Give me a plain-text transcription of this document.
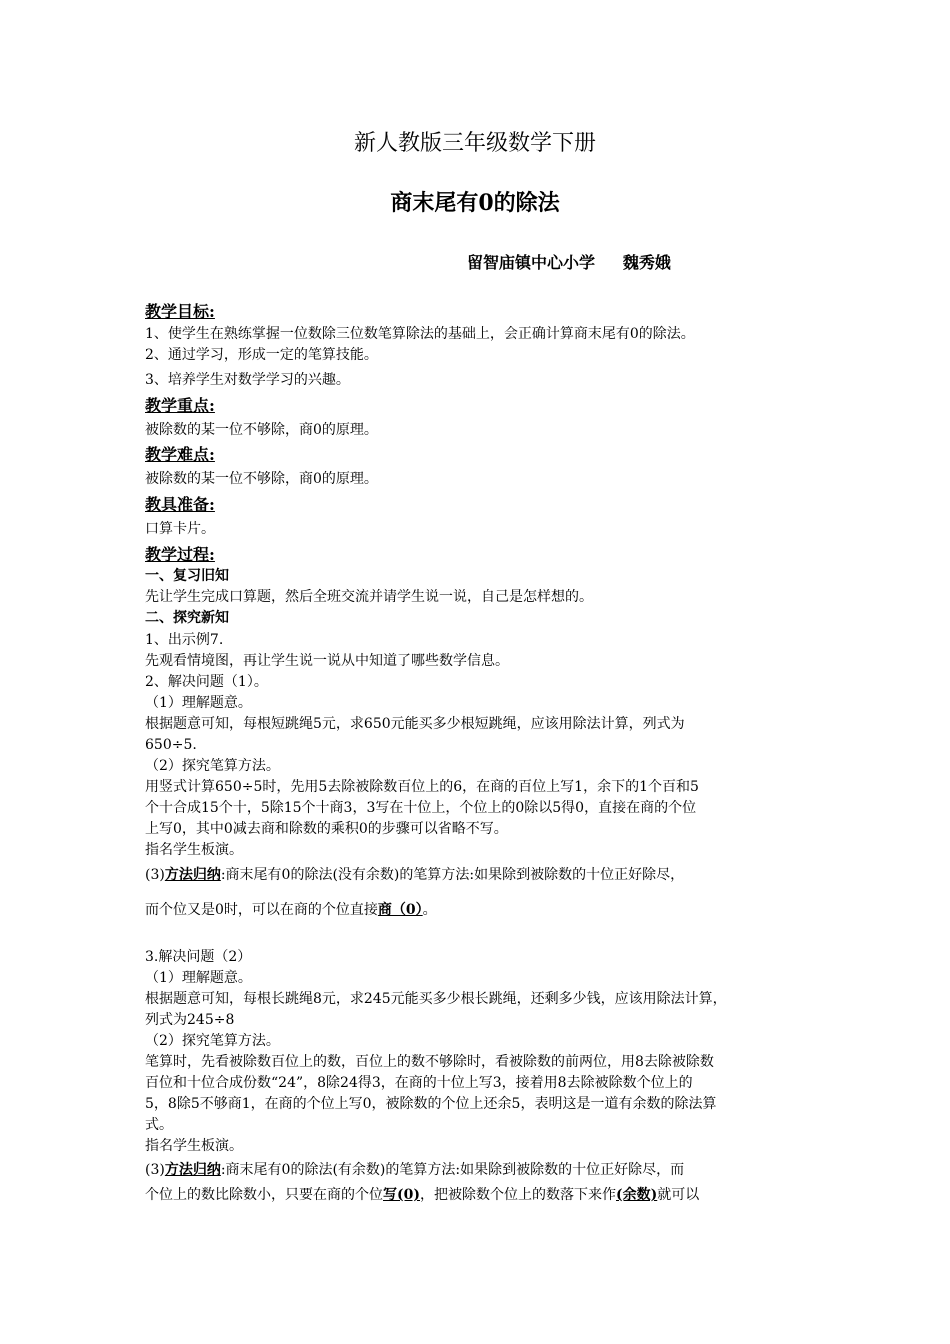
新人教版三年级数学下册
商末尾有0的除法
留智庙镇中心小学 魏秀娥
教学目标:
1、使学生在熟练掌握一位数除三位数笔算除法的基础上，会正确计算商末尾有0的除法。
2、通过学习，形成一定的笔算技能。
3、培养学生对数学学习的兴趣。
教学重点:
被除数的某一位不够除，商0的原理。
教学难点:
被除数的某一位不够除，商0的原理。
教具准备:
口算卡片。
教学过程:
一、复习旧知
先让学生完成口算题，然后全班交流并请学生说一说，自己是怎样想的。
二、探究新知
1、出示例7.
先观看情境图，再让学生说一说从中知道了哪些数学信息。
2、解决问题（1）。
（1）理解题意。
根据题意可知，每根短跳绳5元，求650元能买多少根短跳绳，应该用除法计算，列式为
650÷5.
（2）探究笔算方法。
用竖式计算650÷5时，先用5去除被除数百位上的6，在商的百位上写1，余下的1个百和5
个十合成15个十，5除15个十商3，3写在十位上，个位上的0除以5得0，直接在商的个位
上写0，其中0减去商和除数的乘积0的步骤可以省略不写。
指名学生板演。
(3)方法归纳:商末尾有0的除法(没有余数)的笔算方法:如果除到被除数的十位正好除尽，
而个位又是0时，可以在商的个位直接商（0）。
3.解决问题（2）
（1）理解题意。
根据题意可知，每根长跳绳8元，求245元能买多少根长跳绳，还剩多少钱，应该用除法计算，
列式为245÷8
（2）探究笔算方法。
笔算时，先看被除数百位上的数，百位上的数不够除时，看被除数的前两位，用8去除被除数
百位和十位合成份数“24”，8除24得3，在商的十位上写3，接着用8去除被除数个位上的
5，8除5不够商1，在商的个位上写0，被除数的个位上还余5，表明这是一道有余数的除法算
式。
指名学生板演。
(3)方法归纳:商末尾有0的除法(有余数)的笔算方法:如果除到被除数的十位正好除尽，而
个位上的数比除数小，只要在商的个位写(0)，把被除数个位上的数落下来作(余数)就可以
